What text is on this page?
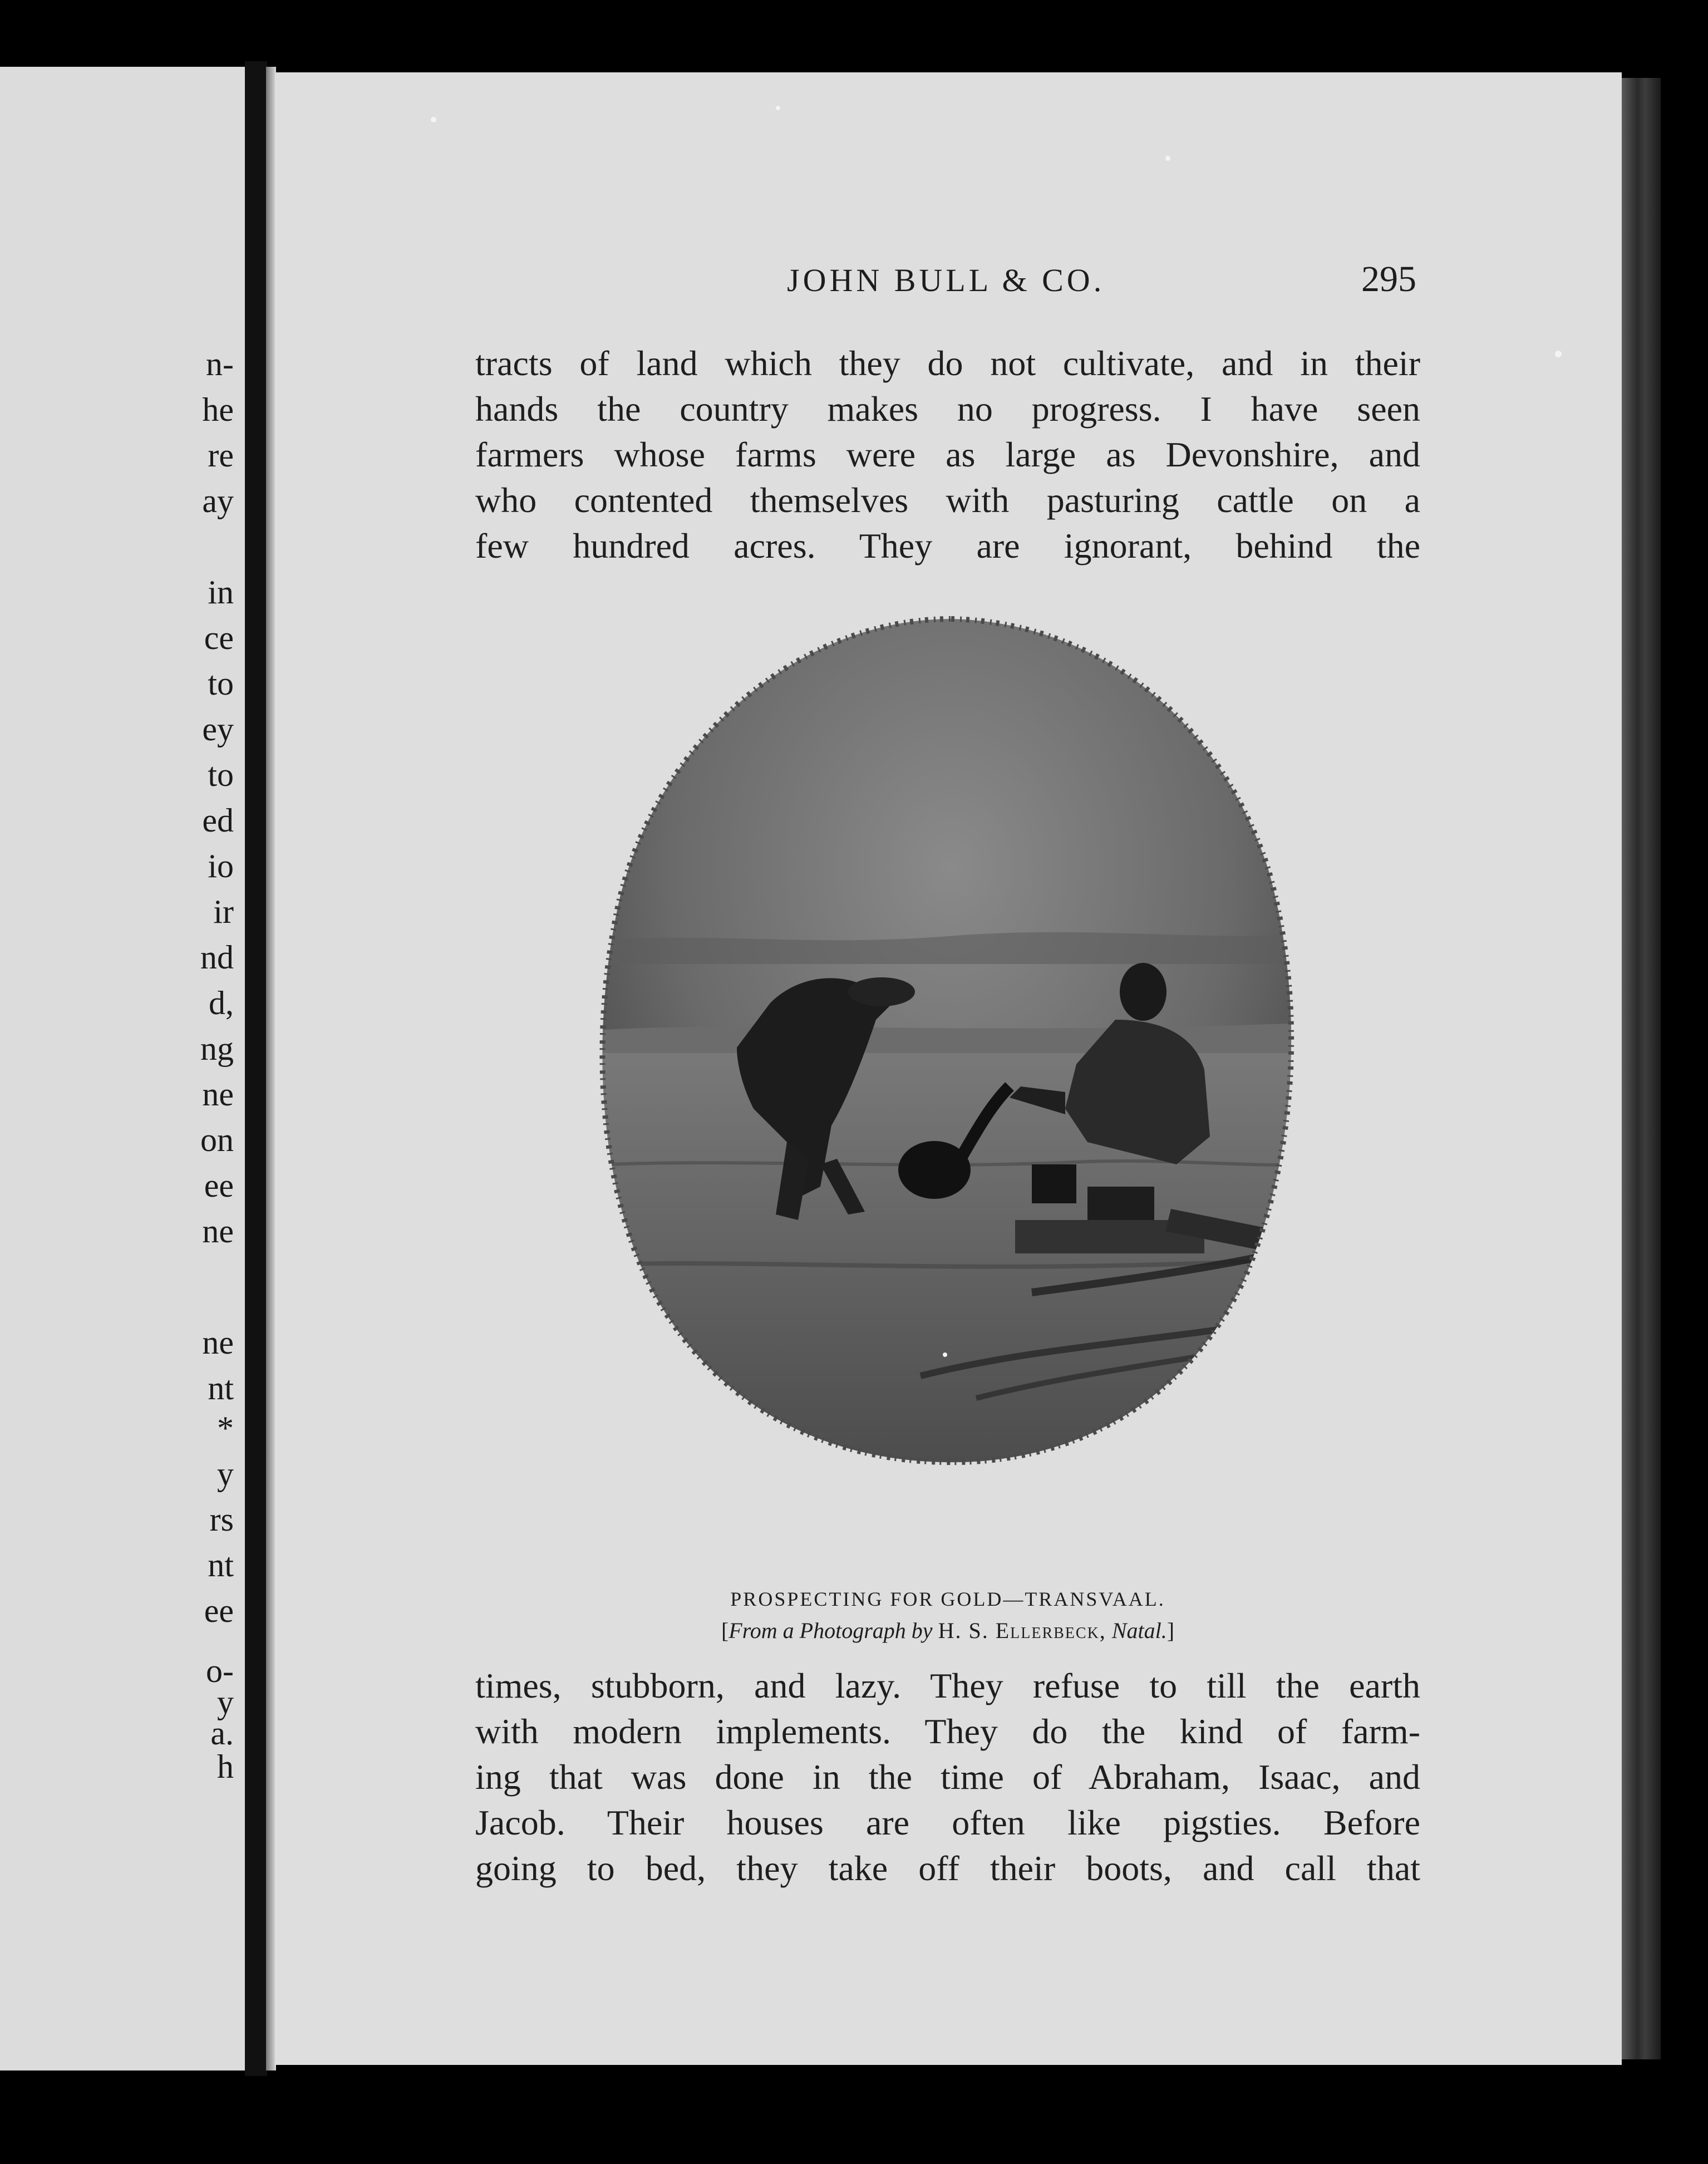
n-
he
re
ay
in
ce
to
ey
to
ed
io
ir
nd
d,
ng
ne
on
ee
ne
ne
nt
*
y
rs
nt
ee
o-
y
a.
h
JOHN BULL & CO.	295
tracts of land which they do not cultivate, and in their
hands the country makes no progress. I have seen
farmers whose farms were as large as Devonshire, and
who contented themselves with pasturing cattle on a
few hundred acres. They are ignorant, behind the
PROSPECTING FOR GOLD—TRANSVAAL.
[From a Photograph by H. S. Ellerbeck, Natal.]
times, stubborn, and lazy. They refuse to till the earth
with modern implements. They do the kind of farm-
ing that was done in the time of Abraham, Isaac, and
Jacob. Their houses are often like pigsties. Before
going to bed, they take off their boots, and call that
